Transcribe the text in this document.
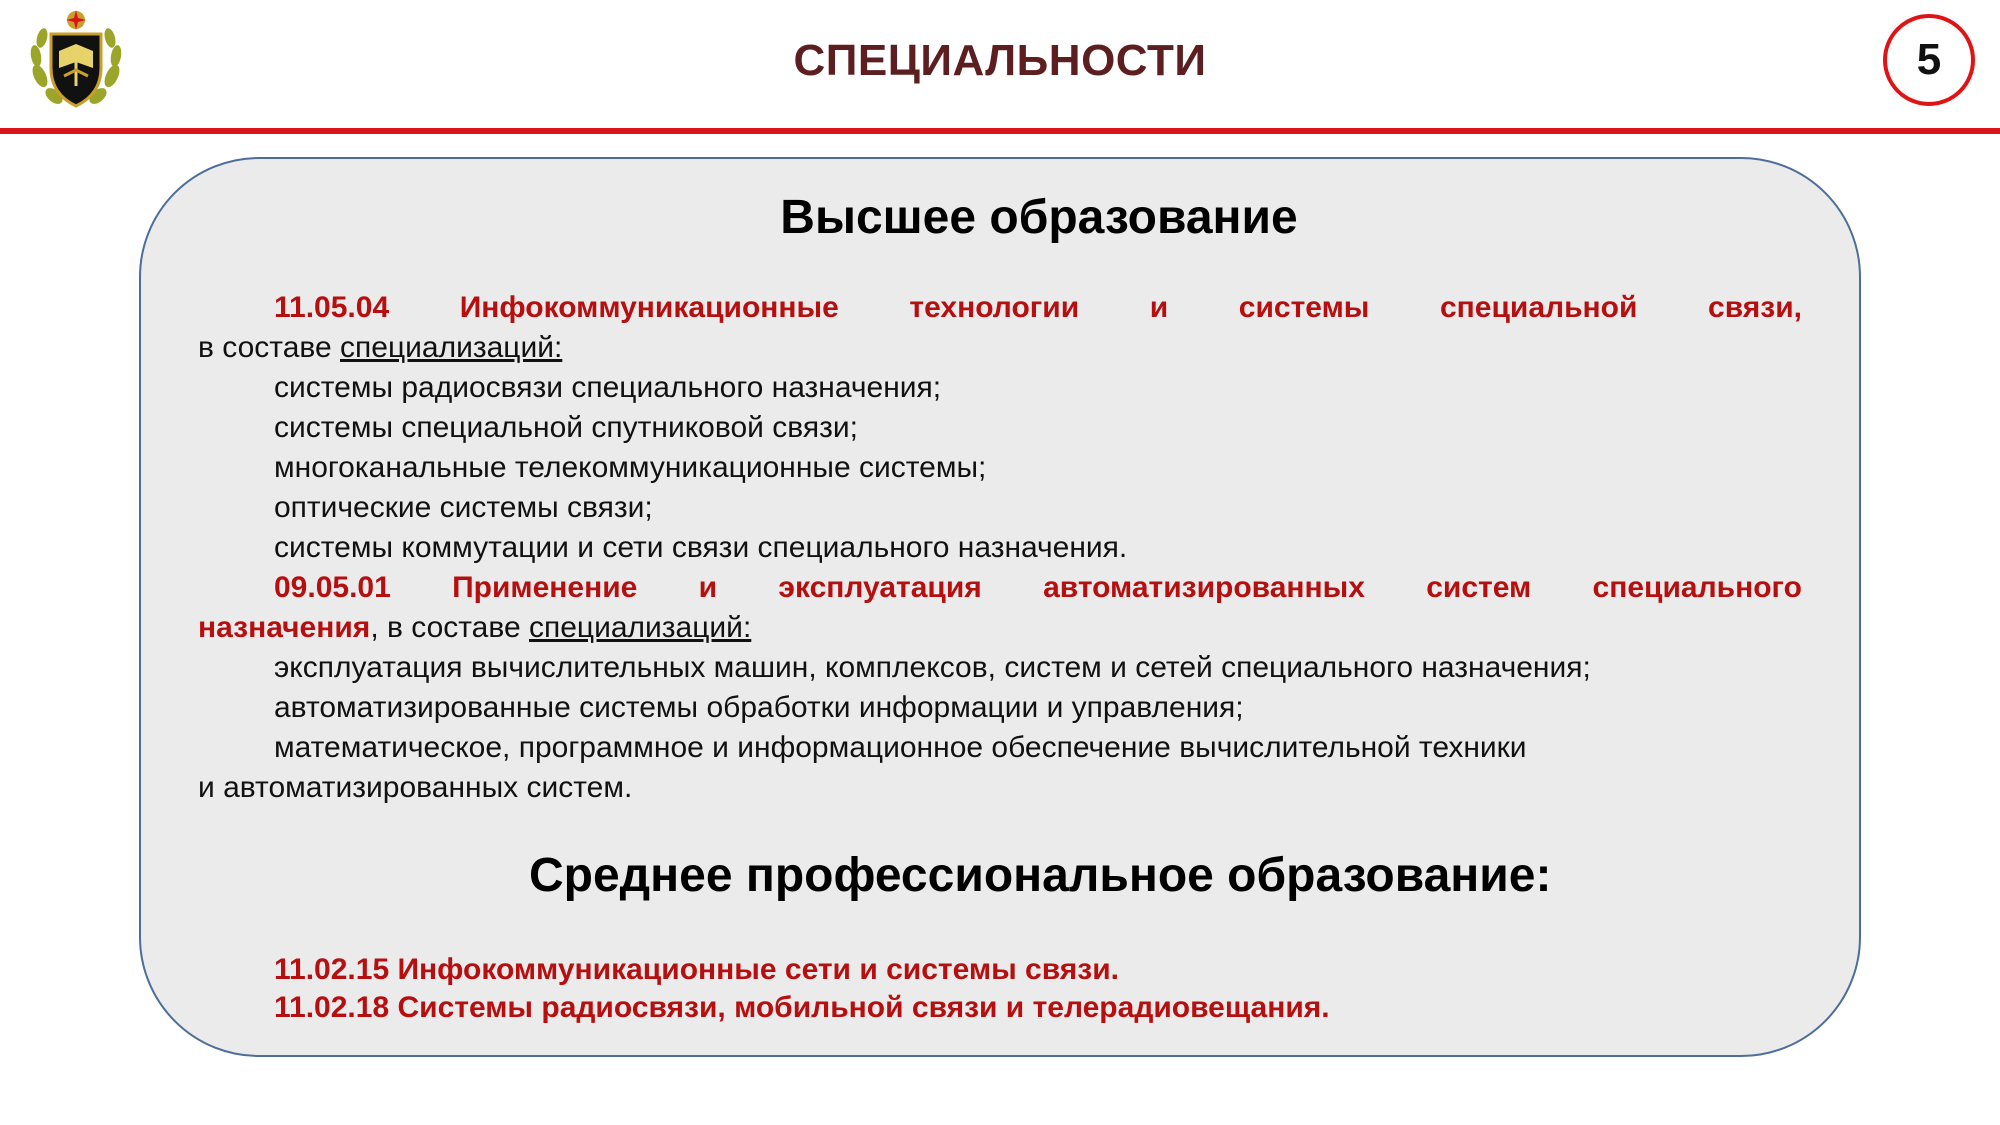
СПЕЦИАЛЬНОСТИ	5
Высшее образование
11.05.04 Инфокоммуникационные технологии и системы специальной связи,
в составе специализаций:
системы радиосвязи специального назначения;
системы специальной спутниковой связи;
многоканальные телекоммуникационные системы;
оптические системы связи;
системы коммутации и сети связи специального назначения.
09.05.01 Применение и эксплуатация автоматизированных систем специального
назначения, в составе специализаций:
эксплуатация вычислительных машин, комплексов, систем и сетей специального назначения;
автоматизированные системы обработки информации и управления;
математическое, программное и информационное обеспечение вычислительной техники
и автоматизированных систем.
Среднее профессиональное образование:
11.02.15 Инфокоммуникационные сети и системы связи.
11.02.18 Системы радиосвязи, мобильной связи и телерадиовещания.
